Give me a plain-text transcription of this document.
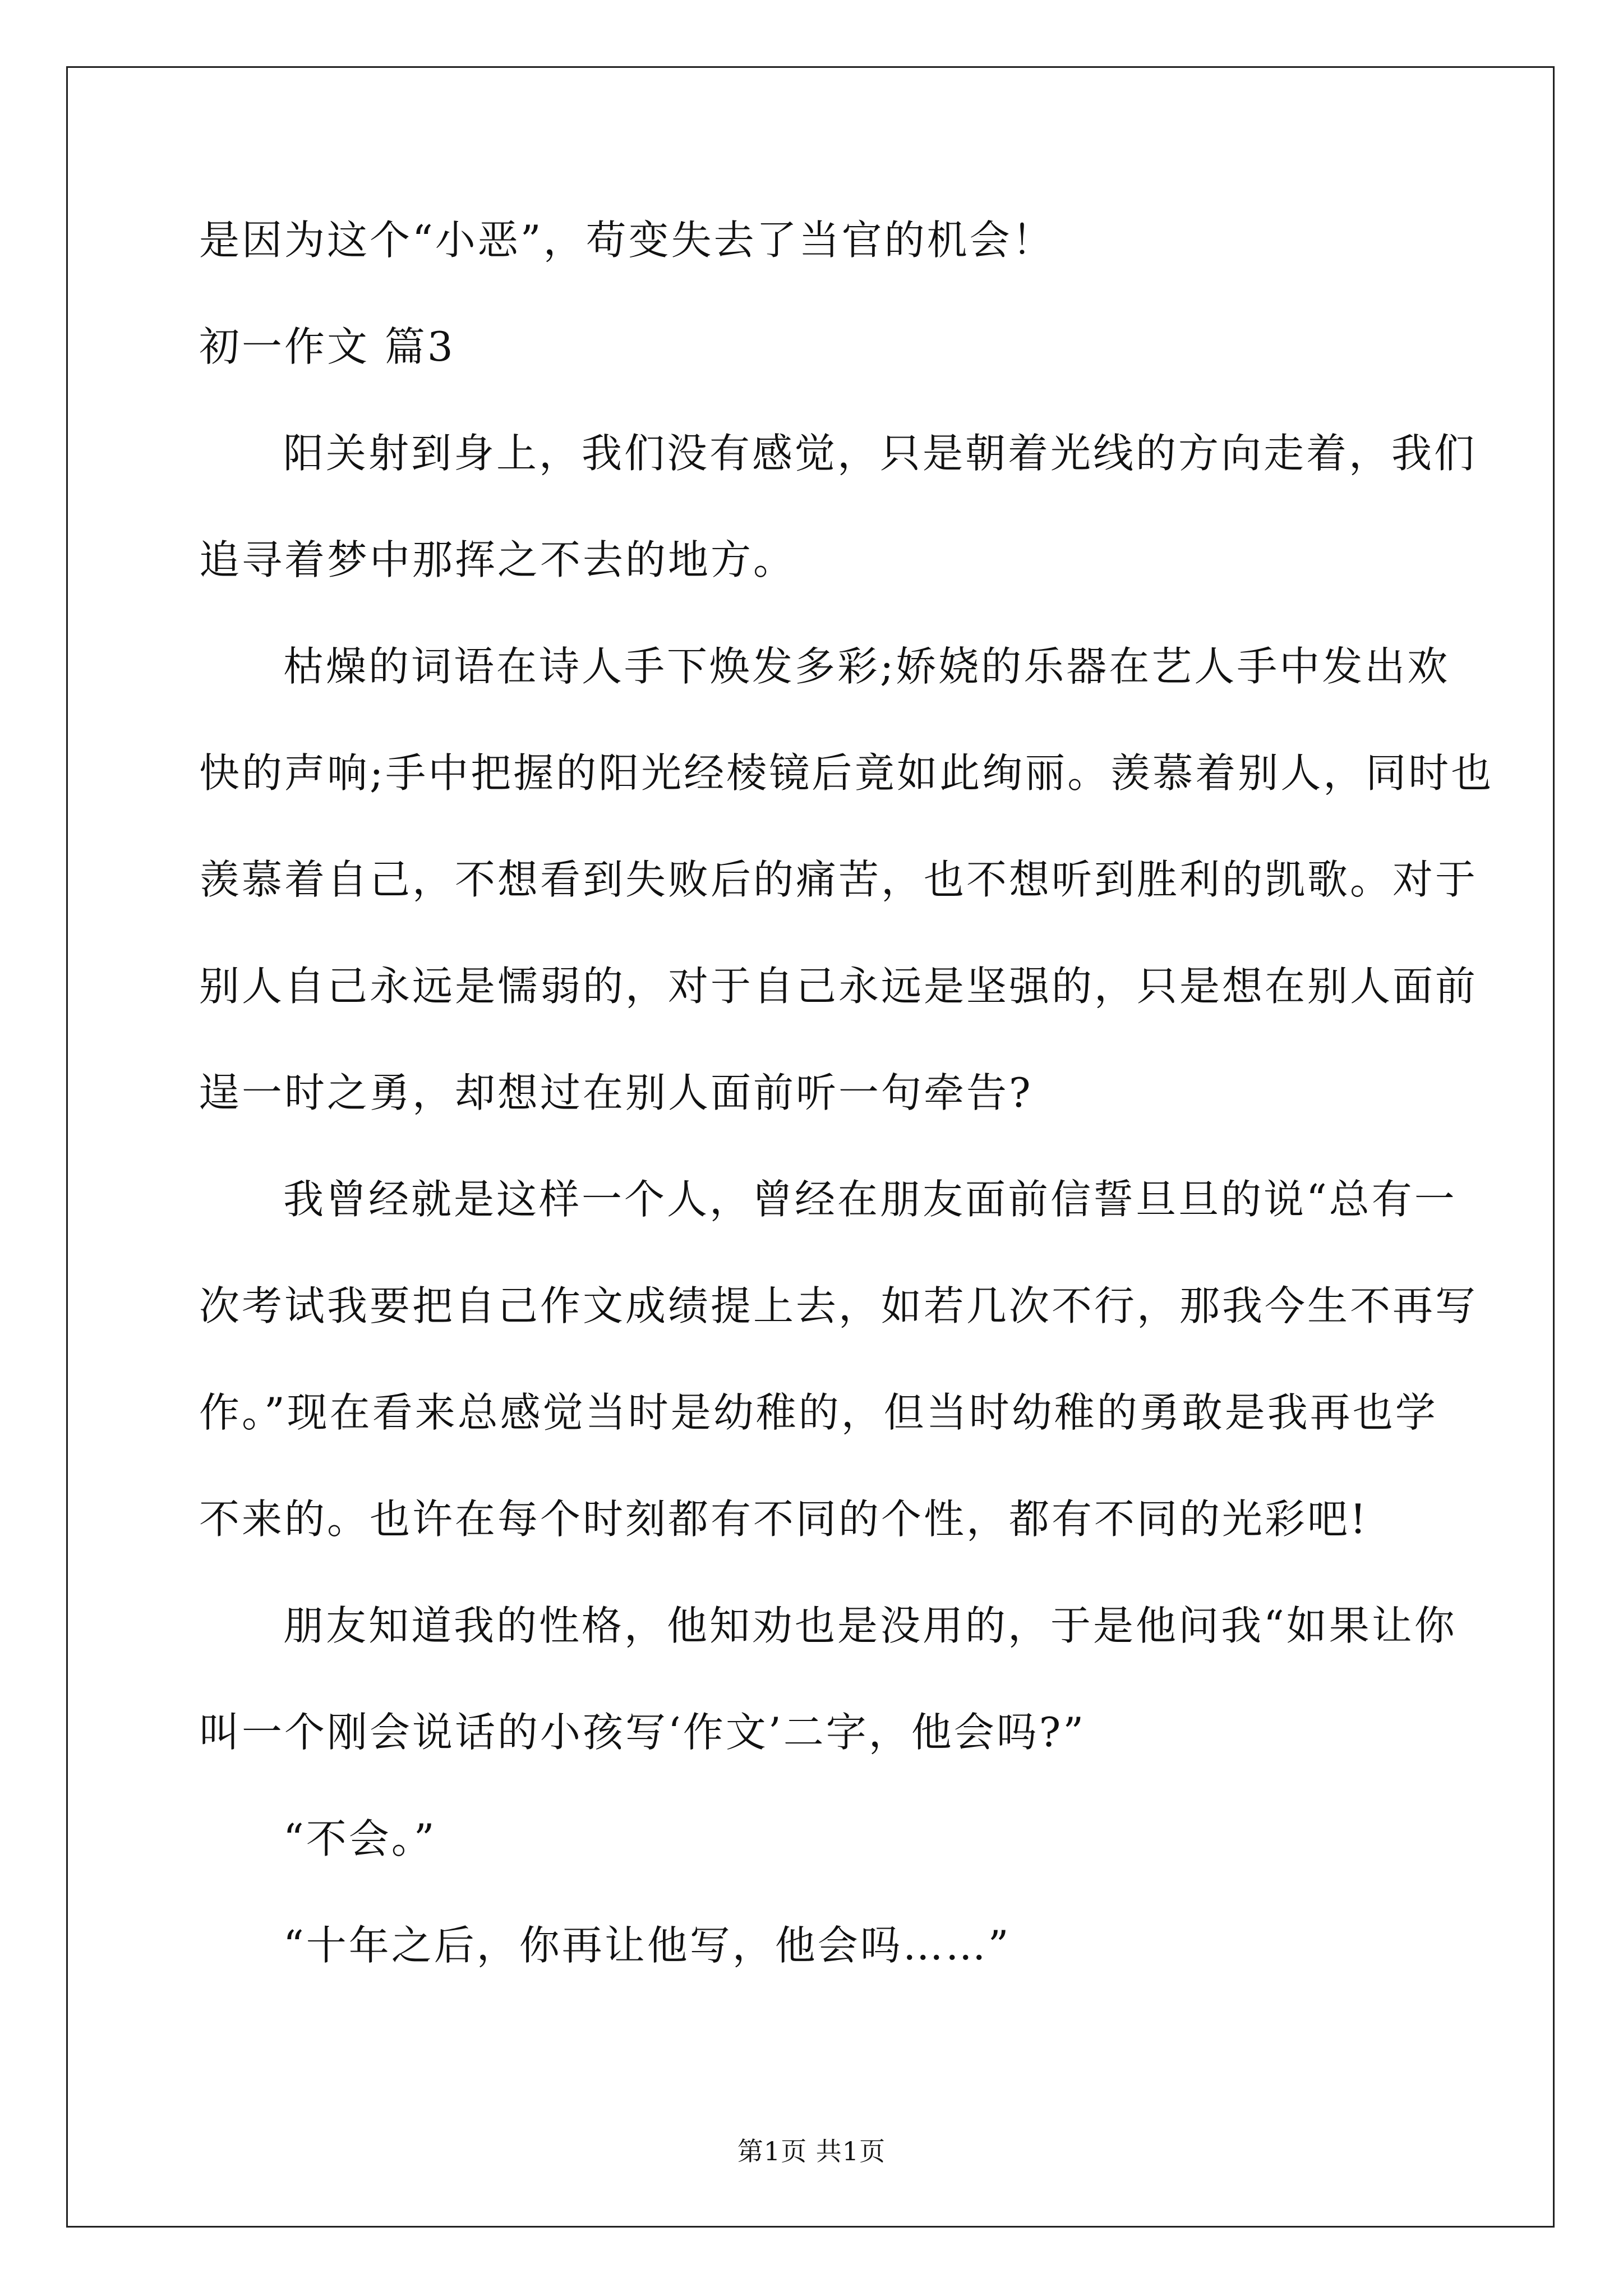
是因为这个“小恶”，苟变失去了当官的机会！
初一作文 篇3
阳关射到身上，我们没有感觉，只是朝着光线的方向走着，我们
追寻着梦中那挥之不去的地方。
枯燥的词语在诗人手下焕发多彩;娇娆的乐器在艺人手中发出欢
快的声响;手中把握的阳光经棱镜后竟如此绚丽。羡慕着别人，同时也
羡慕着自己，不想看到失败后的痛苦，也不想听到胜利的凯歌。对于
别人自己永远是懦弱的，对于自己永远是坚强的，只是想在别人面前
逞一时之勇，却想过在别人面前听一句牵告?
我曾经就是这样一个人，曾经在朋友面前信誓旦旦的说“总有一
次考试我要把自己作文成绩提上去，如若几次不行，那我今生不再写
作。”现在看来总感觉当时是幼稚的，但当时幼稚的勇敢是我再也学
不来的。也许在每个时刻都有不同的个性，都有不同的光彩吧!
朋友知道我的性格，他知劝也是没用的，于是他问我“如果让你
叫一个刚会说话的小孩写‘作文’二字，他会吗?”
“不会。”
“十年之后，你再让他写，他会吗……”
第1页 共1页
